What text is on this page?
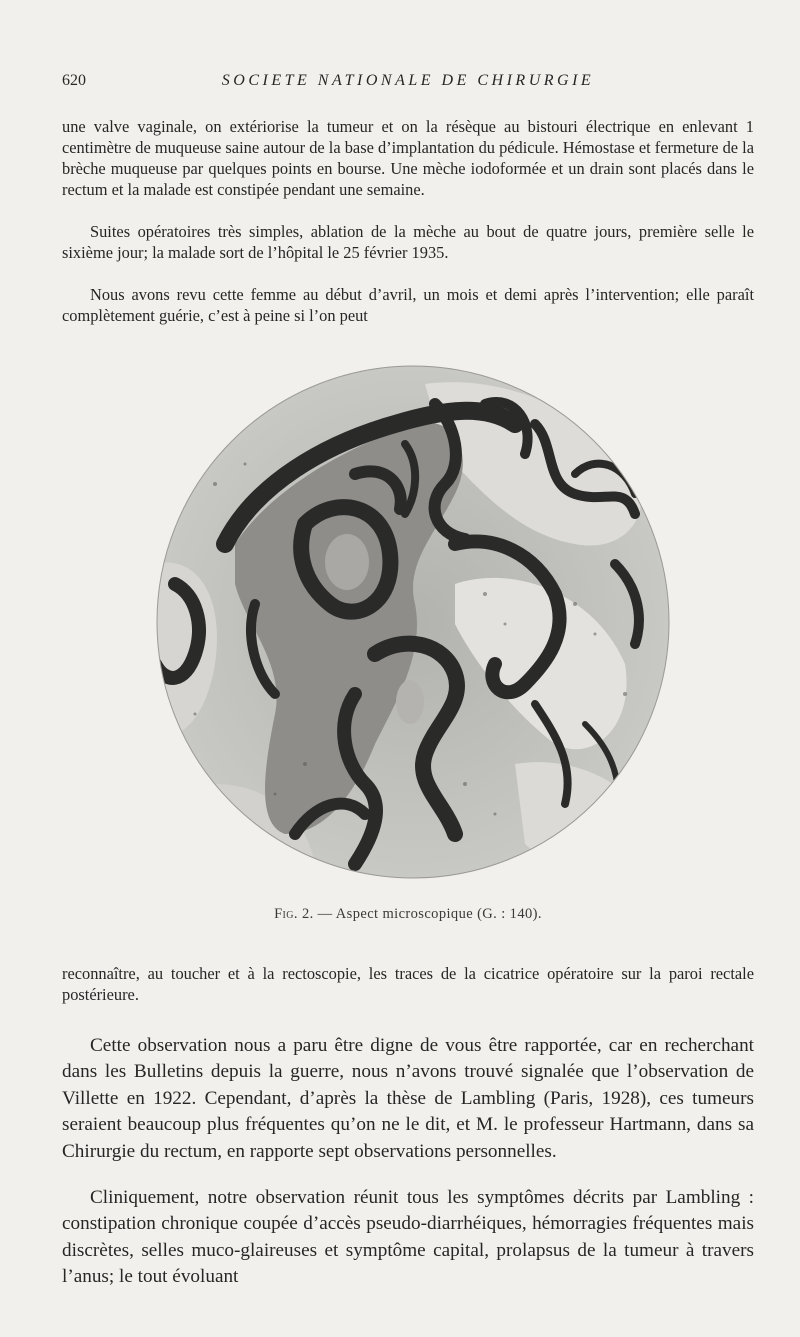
620	SOCIETE NATIONALE DE CHIRURGIE

une valve vaginale, on extériorise la tumeur et on la résèque au bistouri électrique en enlevant 1 centimètre de muqueuse saine autour de la base d’implantation du pédicule. Hémostase et fermeture de la brèche muqueuse par quelques points en bourse. Une mèche iodoformée et un drain sont placés dans le rectum et la malade est constipée pendant une semaine.

Suites opératoires très simples, ablation de la mèche au bout de quatre jours, première selle le sixième jour; la malade sort de l’hôpital le 25 février 1935.

Nous avons revu cette femme au début d’avril, un mois et demi après l’intervention; elle paraît complètement guérie, c’est à peine si l’on peut

Fig. 2. — Aspect microscopique (G. : 140).

reconnaître, au toucher et à la rectoscopie, les traces de la cicatrice opératoire sur la paroi rectale postérieure.

Cette observation nous a paru être digne de vous être rapportée, car en recherchant dans les Bulletins depuis la guerre, nous n’avons trouvé signalée que l’observation de Villette en 1922. Cependant, d’après la thèse de Lambling (Paris, 1928), ces tumeurs seraient beaucoup plus fréquentes qu’on ne le dit, et M. le professeur Hartmann, dans sa Chirurgie du rectum, en rapporte sept observations personnelles.

Cliniquement, notre observation réunit tous les symptômes décrits par Lambling : constipation chronique coupée d’accès pseudo-diarrhéiques, hémorragies fréquentes mais discrètes, selles muco-glaireuses et symptôme capital, prolapsus de la tumeur à travers l’anus; le tout évoluant
